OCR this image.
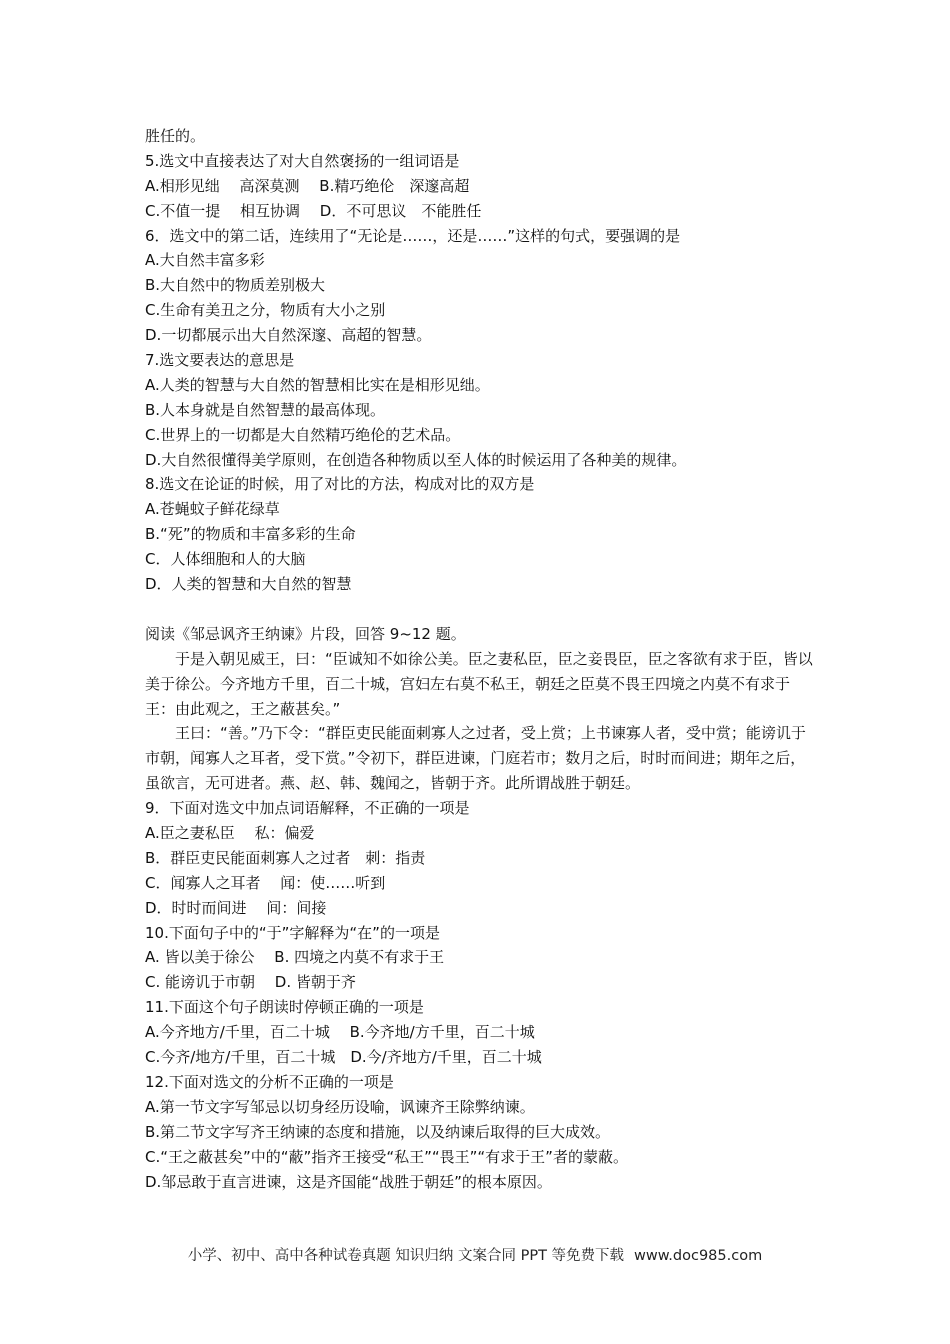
胜任的。
5.选文中直接表达了对大自然褒扬的一组词语是
A.相形见绌　 高深莫测　 B.精巧绝伦　深邃高超
C.不值一提　 相互协调　 D．不可思议　不能胜任
6．选文中的第二话，连续用了“无论是……，还是……”这样的句式，要强调的是
A.大自然丰富多彩
B.大自然中的物质差别极大
C.生命有美丑之分，物质有大小之别
D.一切都展示出大自然深邃、高超的智慧。
7.选文要表达的意思是
A.人类的智慧与大自然的智慧相比实在是相形见绌。
B.人本身就是自然智慧的最高体现。
C.世界上的一切都是大自然精巧绝伦的艺术品。
D.大自然很懂得美学原则，在创造各种物质以至人体的时候运用了各种美的规律。
8.选文在论证的时候，用了对比的方法，构成对比的双方是
A.苍蝇蚊子鲜花绿草
B.“死”的物质和丰富多彩的生命
C．人体细胞和人的大脑
D．人类的智慧和大自然的智慧
阅读《邹忌讽齐王纳谏》片段，回答 9~12 题。
于是入朝见威王，曰：“臣诚知不如徐公美。臣之妻私臣，臣之妾畏臣，臣之客欲有求于臣，皆以美于徐公。今齐地方千里，百二十城，宫妇左右莫不私王，朝廷之臣莫不畏王四境之内莫不有求于王：由此观之，王之蔽甚矣。”
王曰：“善。”乃下令：“群臣吏民能面刺寡人之过者，受上赏；上书谏寡人者，受中赏；能谤讥于市朝，闻寡人之耳者，受下赏。”令初下，群臣进谏，门庭若市；数月之后，时时而间进；期年之后，虽欲言，无可进者。燕、赵、韩、魏闻之，皆朝于齐。此所谓战胜于朝廷。
9．下面对选文中加点词语解释，不正确的一项是
A.臣之妻私臣　 私：偏爱
B．群臣吏民能面刺寡人之过者　刺：指责
C．闻寡人之耳者　 闻：使……听到
D．时时而间进　 间：间接
10.下面句子中的“于”字解释为“在”的一项是
A. 皆以美于徐公　 B. 四境之内莫不有求于王
C. 能谤讥于市朝　 D. 皆朝于齐
11.下面这个句子朗读时停顿正确的一项是
A.今齐地方/千里，百二十城　 B.今齐地/方千里，百二十城
C.今齐/地方/千里，百二十城　D.今/齐地方/千里，百二十城
12.下面对选文的分析不正确的一项是
A.第一节文字写邹忌以切身经历设喻，讽谏齐王除弊纳谏。
B.第二节文字写齐王纳谏的态度和措施，以及纳谏后取得的巨大成效。
C.“王之蔽甚矣”中的“蔽”指齐王接受“私王”“畏王”“有求于王”者的蒙蔽。
D.邹忌敢于直言进谏，这是齐国能“战胜于朝廷”的根本原因。
小学、初中、高中各种试卷真题 知识归纳 文案合同 PPT 等免费下载 www.doc985.com
